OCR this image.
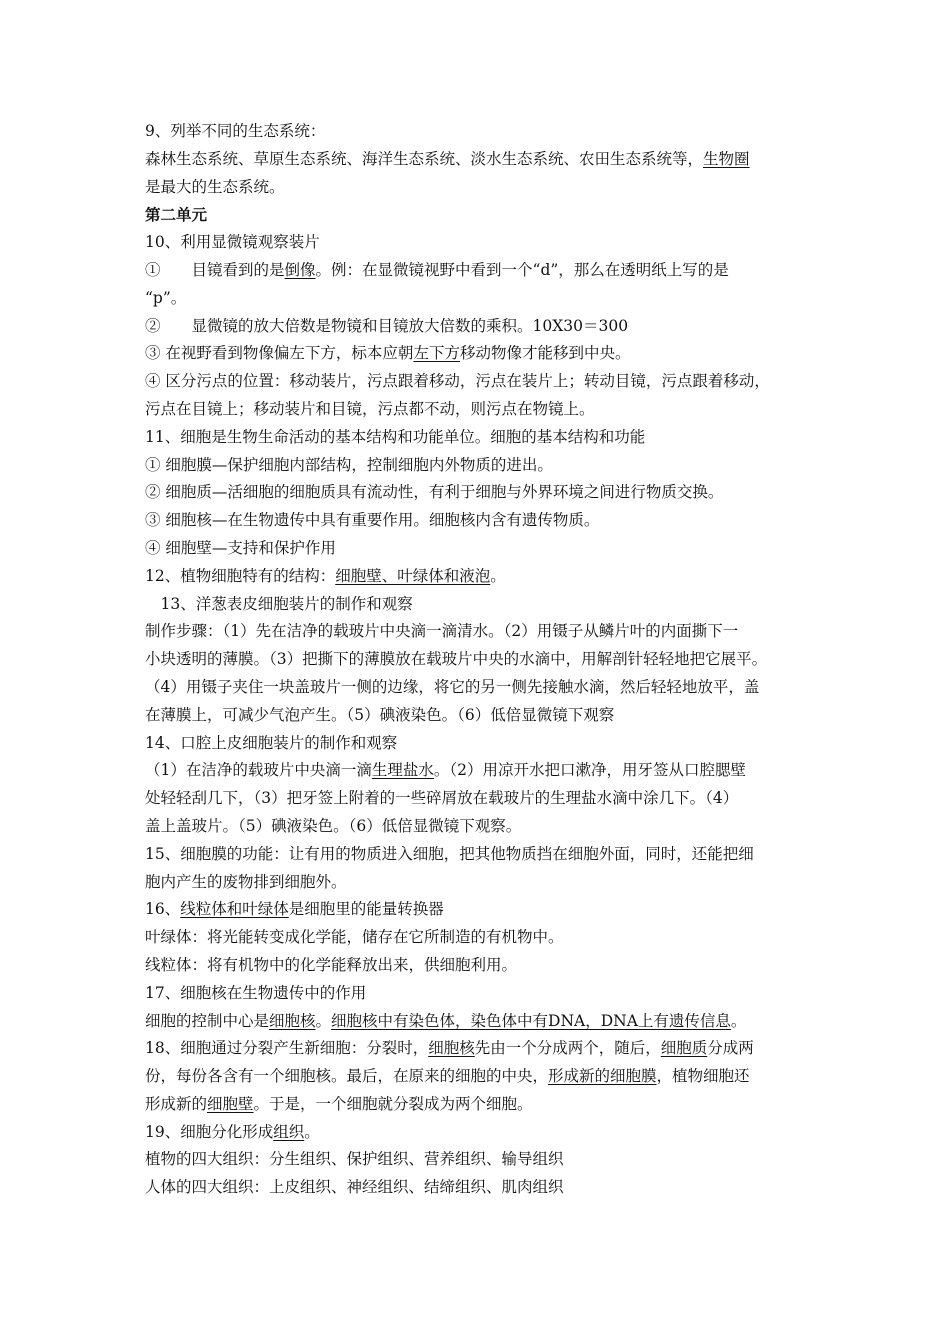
9、列举不同的生态系统：
森林生态系统、草原生态系统、海洋生态系统、淡水生态系统、农田生态系统等，生物圈
是最大的生态系统。
第二单元
10、利用显微镜观察装片
①　　目镜看到的是倒像。例：在显微镜视野中看到一个“d”，那么在透明纸上写的是
“p”。
②　　显微镜的放大倍数是物镜和目镜放大倍数的乘积。10X30＝300
③ 在视野看到物像偏左下方，标本应朝左下方移动物像才能移到中央。
④ 区分污点的位置：移动装片，污点跟着移动，污点在装片上；转动目镜，污点跟着移动，
污点在目镜上；移动装片和目镜，污点都不动，则污点在物镜上。
11、细胞是生物生命活动的基本结构和功能单位。细胞的基本结构和功能
① 细胞膜—保护细胞内部结构，控制细胞内外物质的进出。
② 细胞质—活细胞的细胞质具有流动性，有利于细胞与外界环境之间进行物质交换。
③ 细胞核—在生物遗传中具有重要作用。细胞核内含有遗传物质。
④ 细胞壁—支持和保护作用
12、植物细胞特有的结构：细胞壁、叶绿体和液泡。
　13、洋葱表皮细胞装片的制作和观察
制作步骤：（1）先在洁净的载玻片中央滴一滴清水。（2）用镊子从鳞片叶的内面撕下一
小块透明的薄膜。（3）把撕下的薄膜放在载玻片中央的水滴中，用解剖针轻轻地把它展平。
（4）用镊子夹住一块盖玻片一侧的边缘，将它的另一侧先接触水滴，然后轻轻地放平，盖
在薄膜上，可减少气泡产生。（5）碘液染色。（6）低倍显微镜下观察
14、口腔上皮细胞装片的制作和观察
（1）在洁净的载玻片中央滴一滴生理盐水。（2）用凉开水把口漱净，用牙签从口腔腮壁
处轻轻刮几下，（3）把牙签上附着的一些碎屑放在载玻片的生理盐水滴中涂几下。（4）
盖上盖玻片。（5）碘液染色。（6）低倍显微镜下观察。
15、细胞膜的功能：让有用的物质进入细胞，把其他物质挡在细胞外面，同时，还能把细
胞内产生的废物排到细胞外。
16、线粒体和叶绿体是细胞里的能量转换器
叶绿体：将光能转变成化学能，储存在它所制造的有机物中。
线粒体：将有机物中的化学能释放出来，供细胞利用。
17、细胞核在生物遗传中的作用
细胞的控制中心是细胞核。细胞核中有染色体，染色体中有DNA，DNA上有遗传信息。
18、细胞通过分裂产生新细胞：分裂时，细胞核先由一个分成两个，随后，细胞质分成两
份，每份各含有一个细胞核。最后，在原来的细胞的中央，形成新的细胞膜，植物细胞还
形成新的细胞壁。于是，一个细胞就分裂成为两个细胞。
19、细胞分化形成组织。
植物的四大组织：分生组织、保护组织、营养组织、输导组织
人体的四大组织：上皮组织、神经组织、结缔组织、肌肉组织
